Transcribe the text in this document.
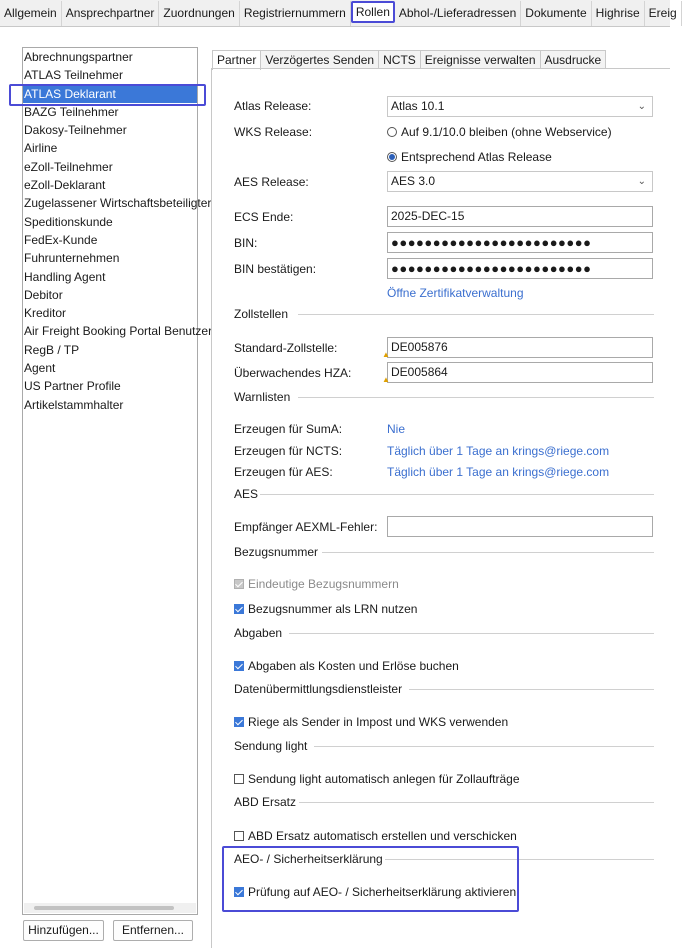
Allgemein Ansprechpartner Zuordnungen Registriernummern Rollen Abhol-/Lieferadressen Dokumente Highrise Ereig
Abrechnungspartner
ATLAS Teilnehmer
ATLAS Deklarant
BAZG Teilnehmer
Dakosy-Teilnehmer
Airline
eZoll-Teilnehmer
eZoll-Deklarant
Zugelassener Wirtschaftsbeteiligter
Speditionskunde
FedEx-Kunde
Fuhrunternehmen
Handling Agent
Debitor
Kreditor
Air Freight Booking Portal Benutzer
RegB / TP
Agent
US Partner Profile
Artikelstammhalter
Hinzufügen...	Entfernen...
Partner Verzögertes Senden NCTS Ereignisse verwalten Ausdrucke
Atlas Release:	Atlas 10.1	⌄
WKS Release:	Auf 9.1/10.0 bleiben (ohne Webservice)
Entsprechend Atlas Release
AES Release:	AES 3.0	⌄
ECS Ende:	2025-DEC-15
BIN:	●●●●●●●●●●●●●●●●●●●●●●●●
BIN bestätigen:	●●●●●●●●●●●●●●●●●●●●●●●●
Öffne Zertifikatverwaltung
Zollstellen
Standard-Zollstelle:	DE005876
▲
Überwachendes HZA:	DE005864
▲
Warnlisten
Erzeugen für SumA:	Nie
Erzeugen für NCTS:	Täglich über 1 Tage an krings@riege.com
Erzeugen für AES:	Täglich über 1 Tage an krings@riege.com
AES
Empfänger AEXML-Fehler:
Bezugsnummer
Eindeutige Bezugsnummern
Bezugsnummer als LRN nutzen
Abgaben
Abgaben als Kosten und Erlöse buchen
Datenübermittlungsdienstleister
Riege als Sender in Impost und WKS verwenden
Sendung light
Sendung light automatisch anlegen für Zollaufträge
ABD Ersatz
ABD Ersatz automatisch erstellen und verschicken
AEO- / Sicherheitserklärung
Prüfung auf AEO- / Sicherheitserklärung aktivieren
